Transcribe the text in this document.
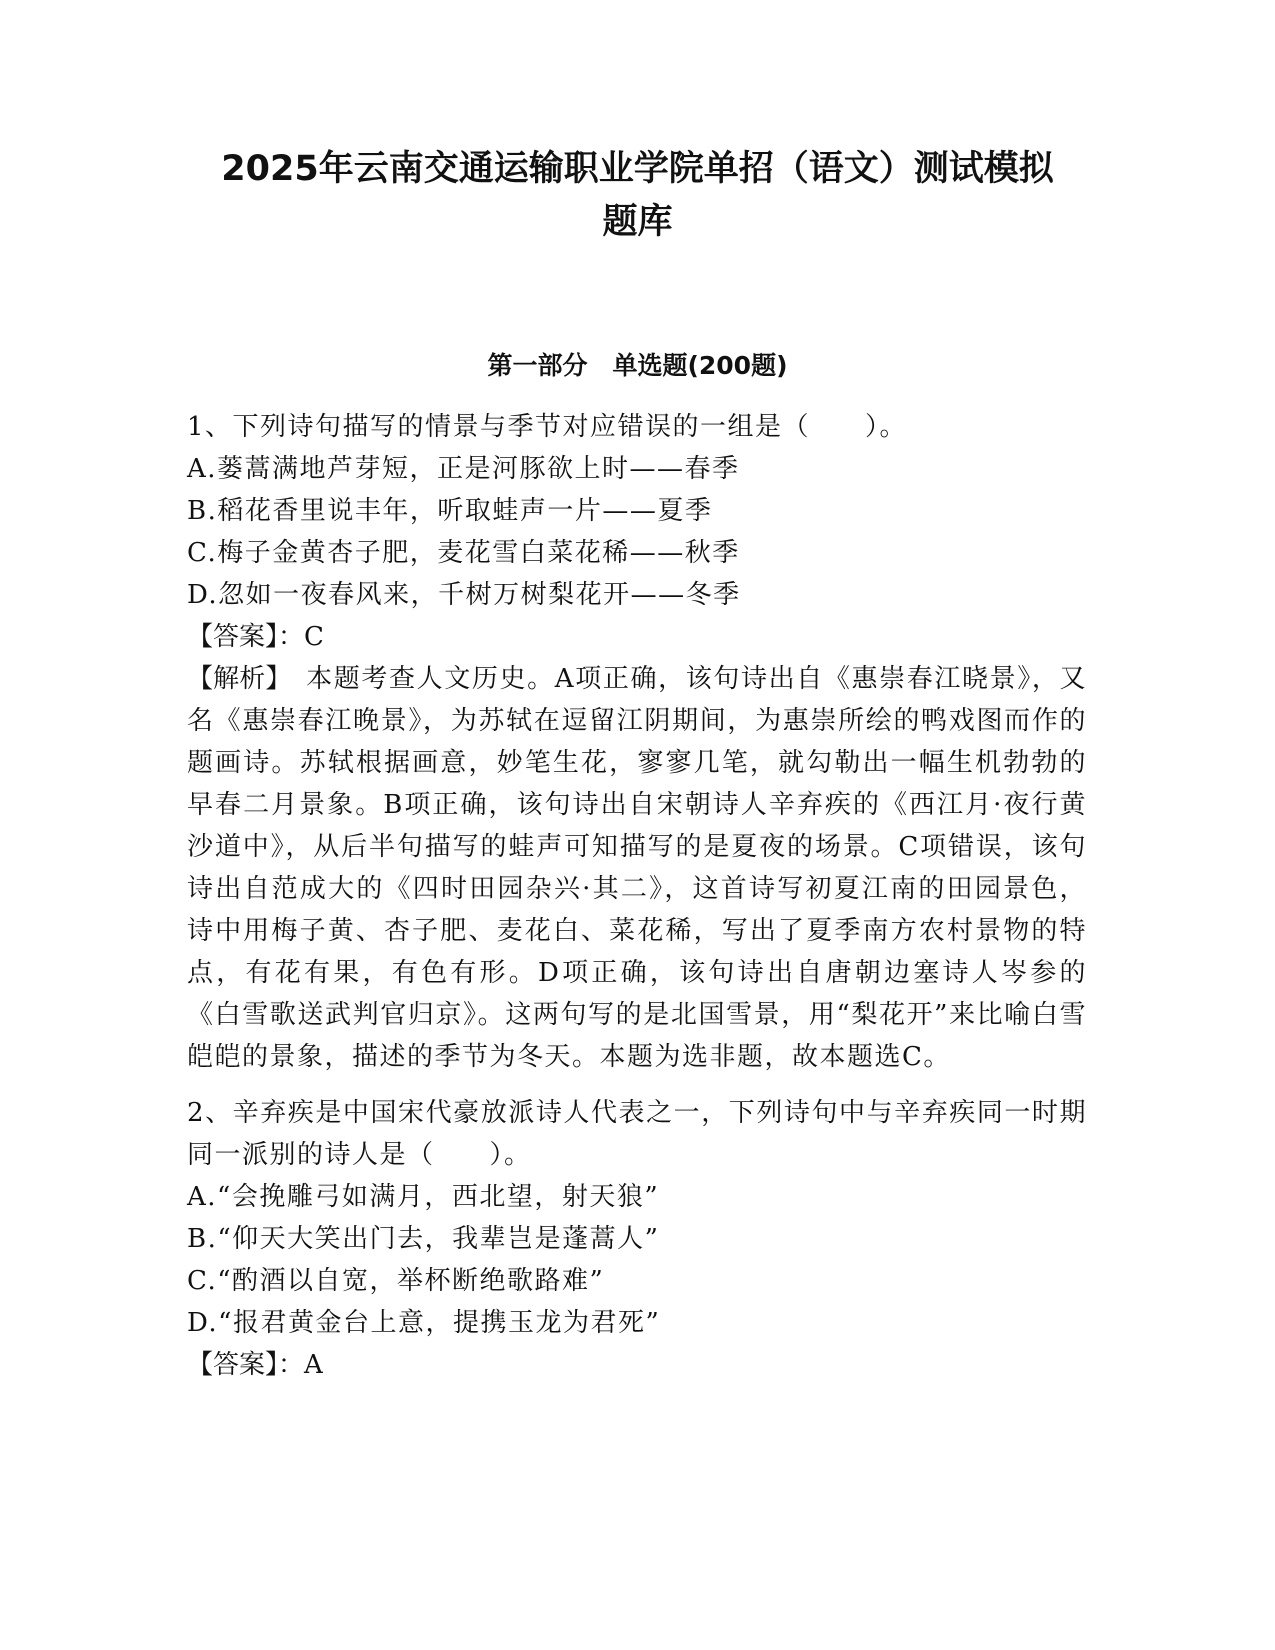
2025年云南交通运输职业学院单招（语文）测试模拟
题库
第一部分　单选题(200题)
1、下列诗句描写的情景与季节对应错误的一组是（　　）。
A.蒌蒿满地芦芽短，正是河豚欲上时——春季
B.稻花香里说丰年，听取蛙声一片——夏季
C.梅子金黄杏子肥，麦花雪白菜花稀——秋季
D.忽如一夜春风来，千树万树梨花开——冬季
【答案】：C
【解析】　本题考查人文历史。A项正确，该句诗出自《惠崇春江晓景》，又名《惠崇春江晚景》，为苏轼在逗留江阴期间，为惠崇所绘的鸭戏图而作的题画诗。苏轼根据画意，妙笔生花，寥寥几笔，就勾勒出一幅生机勃勃的早春二月景象。B项正确，该句诗出自宋朝诗人辛弃疾的《西江月·夜行黄沙道中》，从后半句描写的蛙声可知描写的是夏夜的场景。C项错误，该句诗出自范成大的《四时田园杂兴·其二》，这首诗写初夏江南的田园景色，诗中用梅子黄、杏子肥、麦花白、菜花稀，写出了夏季南方农村景物的特点，有花有果，有色有形。D项正确，该句诗出自唐朝边塞诗人岑参的《白雪歌送武判官归京》。这两句写的是北国雪景，用“梨花开”来比喻白雪皑皑的景象，描述的季节为冬天。本题为选非题，故本题选C。
2、辛弃疾是中国宋代豪放派诗人代表之一，下列诗句中与辛弃疾同一时期同一派别的诗人是（　　）。
A.“会挽雕弓如满月，西北望，射天狼”
B.“仰天大笑出门去，我辈岂是蓬蒿人”
C.“酌酒以自宽，举杯断绝歌路难”
D.“报君黄金台上意，提携玉龙为君死”
【答案】：A
